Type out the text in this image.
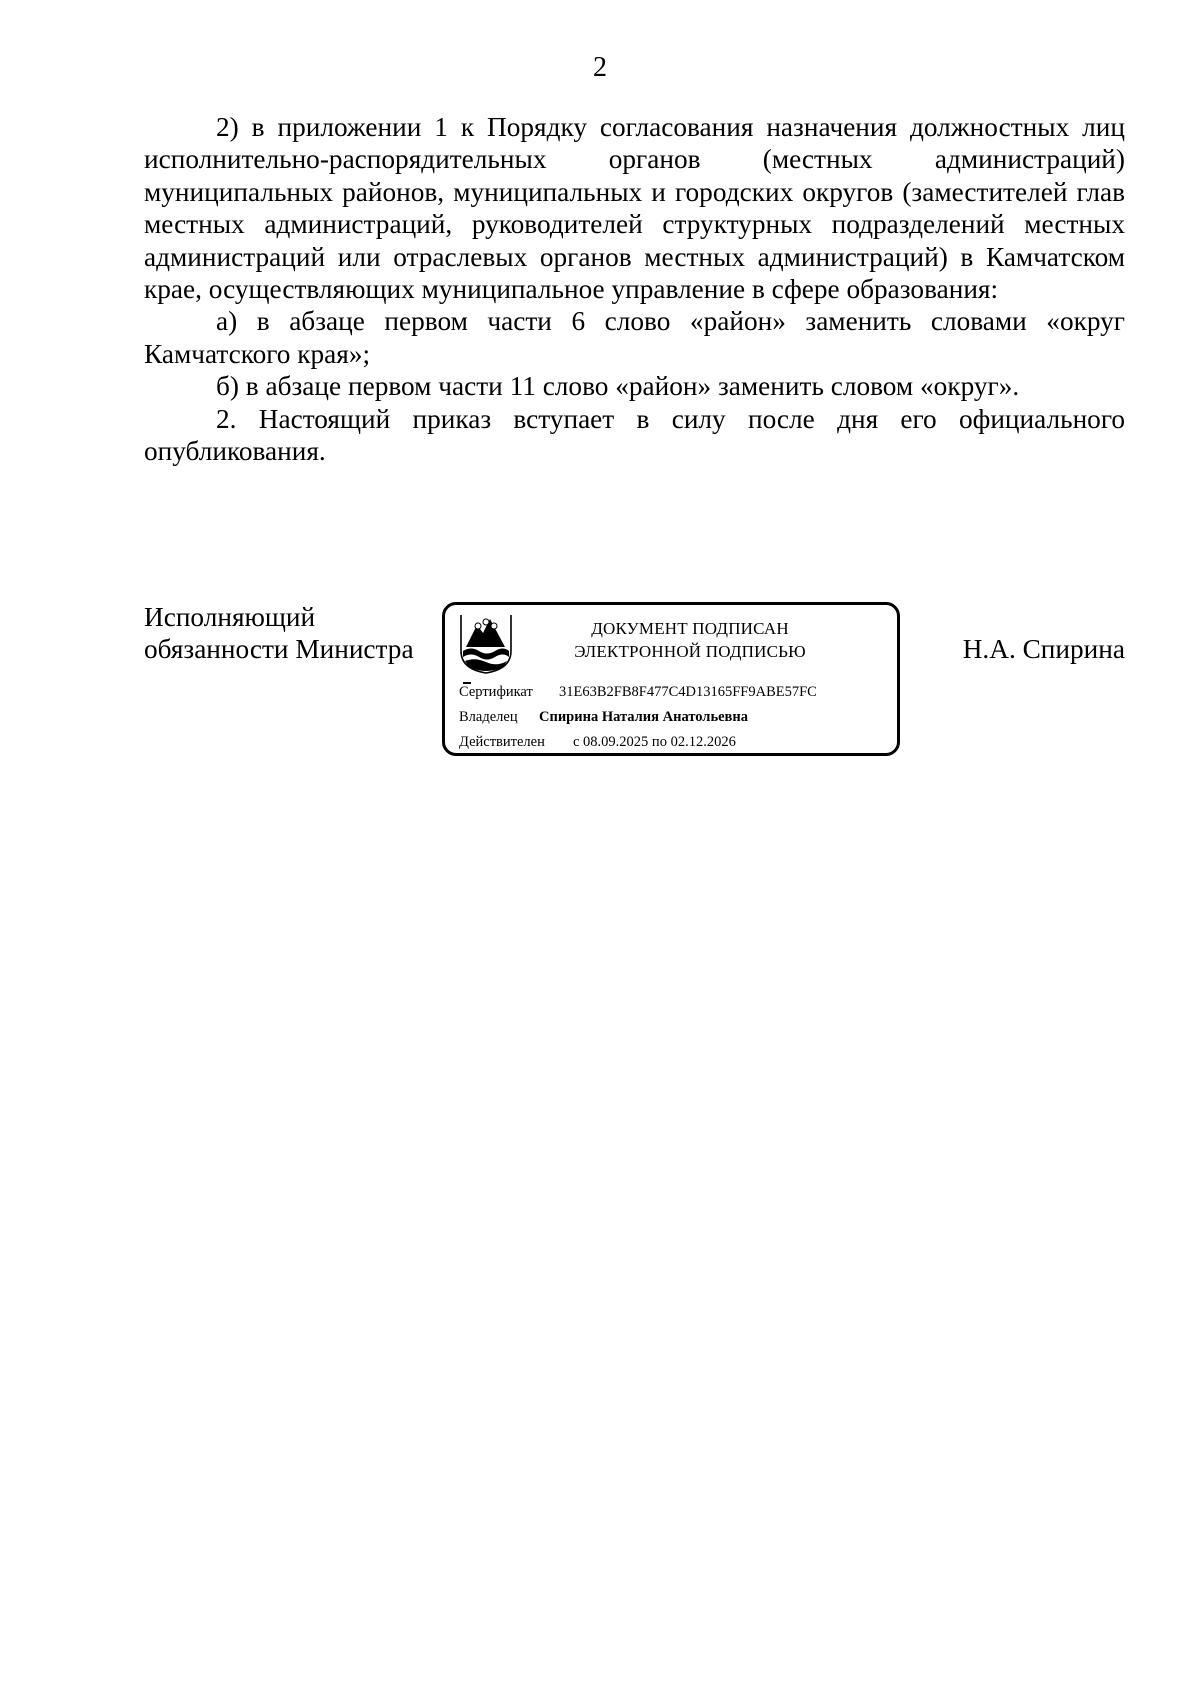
2

2) в приложении 1 к Порядку согласования назначения должностных лиц исполнительно-распорядительных органов (местных администраций) муниципальных районов, муниципальных и городских округов (заместителей глав местных администраций, руководителей структурных подразделений местных администраций или отраслевых органов местных администраций) в Камчатском крае, осуществляющих муниципальное управление в сфере образования:

а) в абзаце первом части 6 слово «район» заменить словами «округ Камчатского края»;

б) в абзаце первом части 11 слово «район» заменить словом «округ».

2. Настоящий приказ вступает в силу после дня его официального опубликования.

Исполняющий
обязанности Министра	Н.А. Спирина
ДОКУМЕНТ ПОДПИСАН
ЭЛЕКТРОННОЙ ПОДПИСЬЮ
Сертификат 31E63B2FB8F477C4D13165FF9ABE57FC
Владелец Спирина Наталия Анатольевна
Действителен с 08.09.2025 по 02.12.2026
